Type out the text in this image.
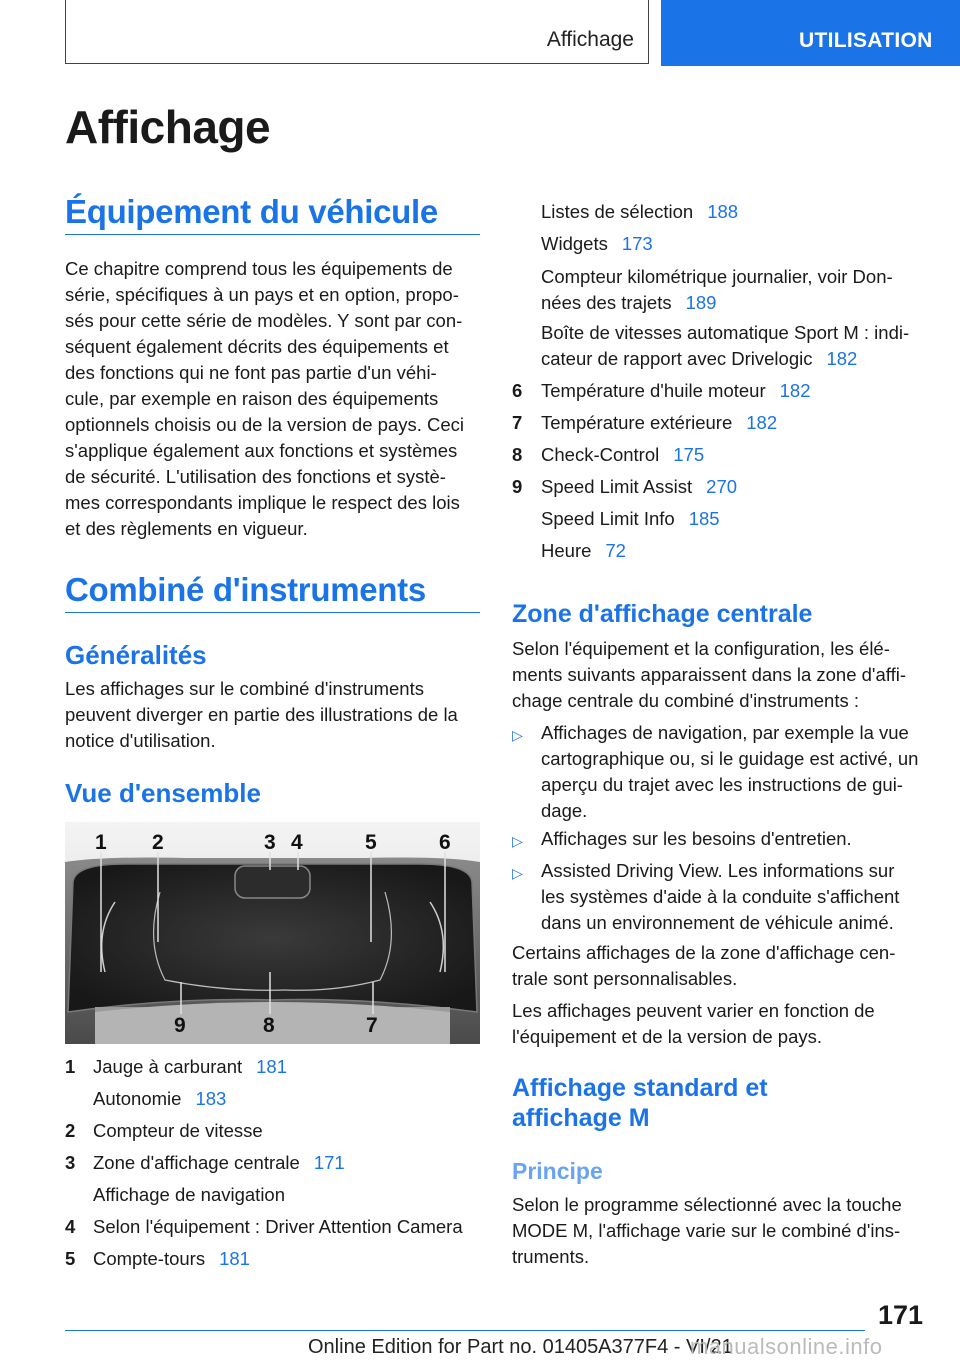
Affichage	UTILISATION
Affichage
Équipement du véhicule
Ce chapitre comprend tous les équipements de
série, spécifiques à un pays et en option, propo-
sés pour cette série de modèles. Y sont par con-
séquent également décrits des équipements et
des fonctions qui ne font pas partie d'un véhi-
cule, par exemple en raison des équipements
optionnels choisis ou de la version de pays. Ceci
s'applique également aux fonctions et systèmes
de sécurité. L'utilisation des fonctions et systè-
mes correspondants implique le respect des lois
et des règlements en vigueur.
Combiné d'instruments
Généralités
Les affichages sur le combiné d'instruments
peuvent diverger en partie des illustrations de la
notice d'utilisation.
Vue d'ensemble
1 2	3 4	5	6
9	8	7
1 Jauge à carburant 181
Autonomie 183
2 Compteur de vitesse
3 Zone d'affichage centrale 171
Affichage de navigation
4 Selon l'équipement : Driver Attention Camera
5 Compte-tours 181
Listes de sélection 188
Widgets 173
Compteur kilométrique journalier, voir Don-
nées des trajets 189
Boîte de vitesses automatique Sport M : indi-
cateur de rapport avec Drivelogic 182
6 Température d'huile moteur 182
7 Température extérieure 182
8 Check-Control 175
9 Speed Limit Assist 270
Speed Limit Info 185
Heure 72
Zone d'affichage centrale
Selon l'équipement et la configuration, les élé-
ments suivants apparaissent dans la zone d'affi-
chage centrale du combiné d'instruments :
▷ Affichages de navigation, par exemple la vue
cartographique ou, si le guidage est activé, un
aperçu du trajet avec les instructions de gui-
dage.
▷ Affichages sur les besoins d'entretien.
▷ Assisted Driving View. Les informations sur
les systèmes d'aide à la conduite s'affichent
dans un environnement de véhicule animé.
Certains affichages de la zone d'affichage cen-
trale sont personnalisables.
Les affichages peuvent varier en fonction de
l'équipement et de la version de pays.
Affichage standard et
affichage M
Principe
Selon le programme sélectionné avec la touche
MODE M, l'affichage varie sur le combiné d'ins-
truments.
171
Online Edition for Part no. 01405A377F4 - VI/21
manualsonline.info
